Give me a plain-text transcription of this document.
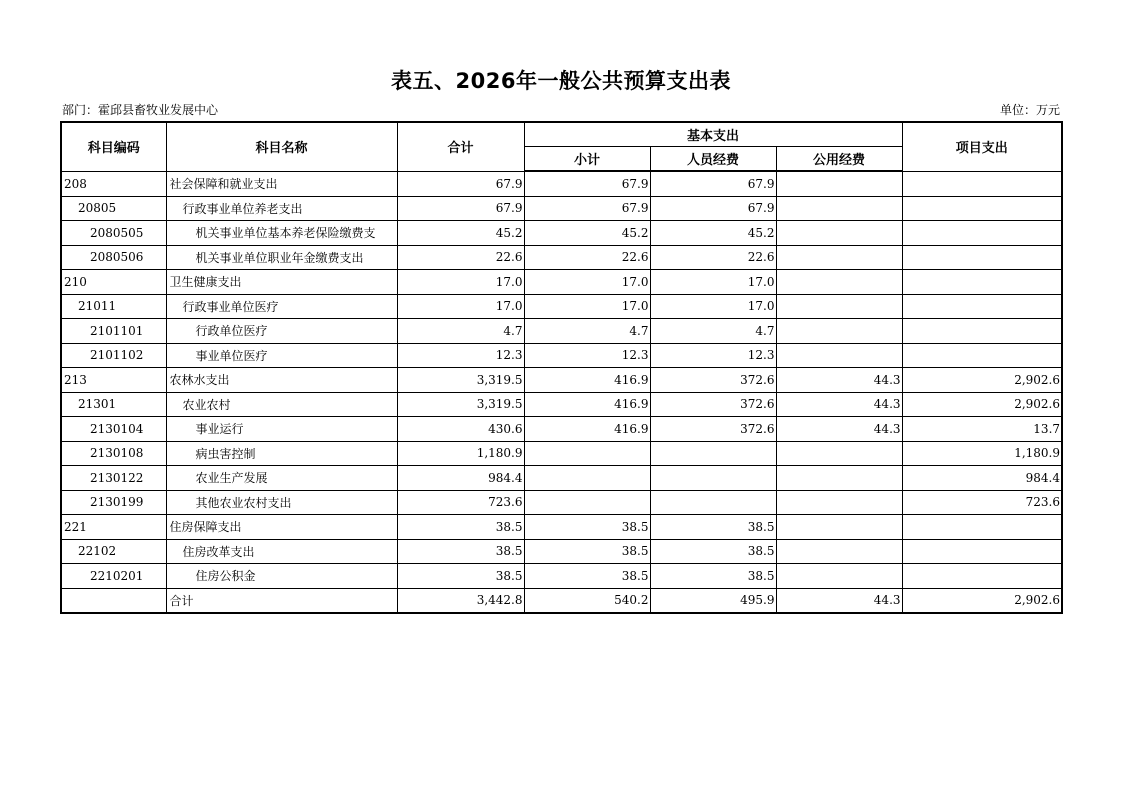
表五、2026年一般公共预算支出表
部门：霍邱县畜牧业发展中心	单位：万元
科目编码	科目名称	合计	基本支出			项目支出
			小计	人员经费	公用经费	
208	社会保障和就业支出	67.9	67.9	67.9		
20805	行政事业单位养老支出	67.9	67.9	67.9		
2080505	机关事业单位基本养老保险缴费支	45.2	45.2	45.2		
2080506	机关事业单位职业年金缴费支出	22.6	22.6	22.6		
210	卫生健康支出	17.0	17.0	17.0		
21011	行政事业单位医疗	17.0	17.0	17.0		
2101101	行政单位医疗	4.7	4.7	4.7		
2101102	事业单位医疗	12.3	12.3	12.3		
213	农林水支出	3,319.5	416.9	372.6	44.3	2,902.6
21301	农业农村	3,319.5	416.9	372.6	44.3	2,902.6
2130104	事业运行	430.6	416.9	372.6	44.3	13.7
2130108	病虫害控制	1,180.9				1,180.9
2130122	农业生产发展	984.4				984.4
2130199	其他农业农村支出	723.6				723.6
221	住房保障支出	38.5	38.5	38.5		
22102	住房改革支出	38.5	38.5	38.5		
2210201	住房公积金	38.5	38.5	38.5		
	合计	3,442.8	540.2	495.9	44.3	2,902.6
